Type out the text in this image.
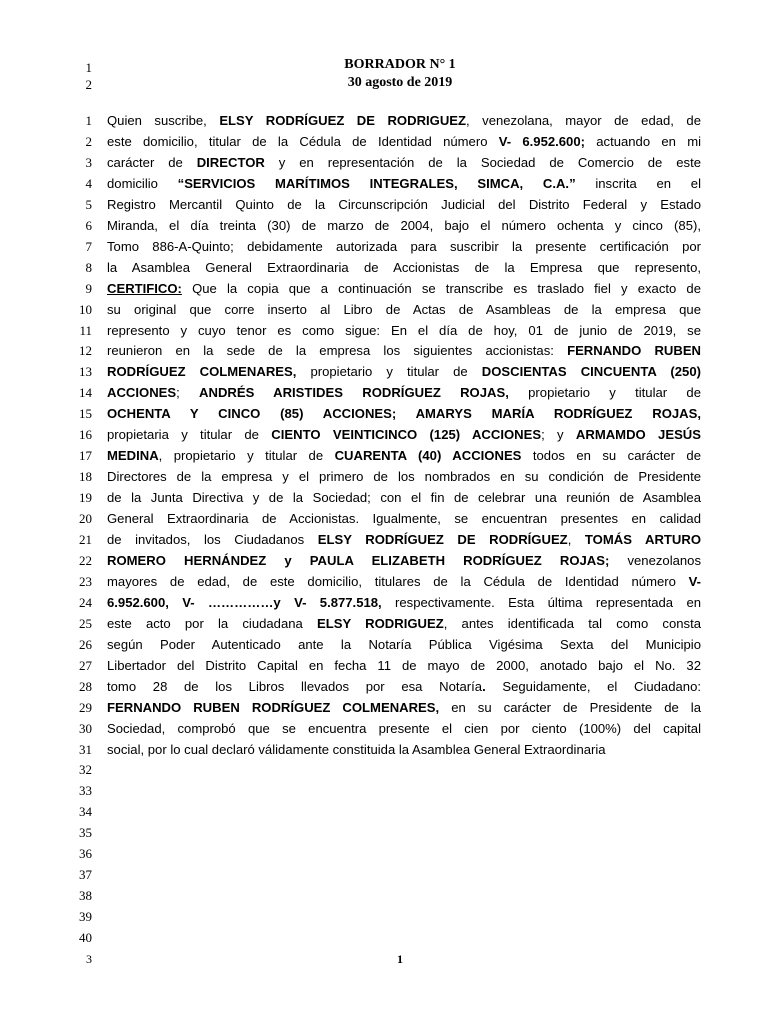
1
2
BORRADOR N° 1
30 agosto de 2019
1 Quien suscribe, ELSY RODRÍGUEZ DE RODRIGUEZ, venezolana, mayor de edad, de
2 este domicilio, titular de la Cédula de Identidad número V- 6.952.600; actuando en mi
3 carácter de DIRECTOR y en representación de la Sociedad de Comercio de este
4 domicilio “SERVICIOS MARÍTIMOS INTEGRALES, SIMCA, C.A.” inscrita en el
5 Registro Mercantil Quinto de la Circunscripción Judicial del Distrito Federal y Estado
6 Miranda, el día treinta (30) de marzo de 2004, bajo el número ochenta y cinco (85),
7 Tomo 886-A-Quinto; debidamente autorizada para suscribir la presente certificación por
8 la Asamblea General Extraordinaria de Accionistas de la Empresa que represento,
9 CERTIFICO: Que la copia que a continuación se transcribe es traslado fiel y exacto de
10 su original que corre inserto al Libro de Actas de Asambleas de la empresa que
11 represento y cuyo tenor es como sigue: En el día de hoy, 01 de junio de 2019, se
12 reunieron en la sede de la empresa los siguientes accionistas: FERNANDO RUBEN
13 RODRÍGUEZ COLMENARES, propietario y titular de DOSCIENTAS CINCUENTA (250)
14 ACCIONES; ANDRÉS ARISTIDES RODRÍGUEZ ROJAS, propietario y titular de
15 OCHENTA Y CINCO (85) ACCIONES; AMARYS MARÍA RODRÍGUEZ ROJAS,
16 propietaria y titular de CIENTO VEINTICINCO (125) ACCIONES; y ARMAMDO JESÚS
17 MEDINA, propietario y titular de CUARENTA (40) ACCIONES todos en su carácter de
18 Directores de la empresa y el primero de los nombrados en su condición de Presidente
19 de la Junta Directiva y de la Sociedad; con el fin de celebrar una reunión de Asamblea
20 General Extraordinaria de Accionistas. Igualmente, se encuentran presentes en calidad
21 de invitados, los Ciudadanos ELSY RODRÍGUEZ DE RODRÍGUEZ, TOMÁS ARTURO
22 ROMERO HERNÁNDEZ y PAULA ELIZABETH RODRÍGUEZ ROJAS; venezolanos
23 mayores de edad, de este domicilio, titulares de la Cédula de Identidad número V-
24 6.952.600, V- ……………y V- 5.877.518, respectivamente. Esta última representada en
25 este acto por la ciudadana ELSY RODRIGUEZ, antes identificada tal como consta
26 según Poder Autenticado ante la Notaría Pública Vigésima Sexta del Municipio
27 Libertador del Distrito Capital en fecha 11 de mayo de 2000, anotado bajo el No. 32
28 tomo 28 de los Libros llevados por esa Notaría. Seguidamente, el Ciudadano:
29 FERNANDO RUBEN RODRÍGUEZ COLMENARES, en su carácter de Presidente de la
30 Sociedad, comprobó que se encuentra presente el cien por ciento (100%) del capital
31 social, por lo cual declaró válidamente constituida la Asamblea General Extraordinaria
32
33
34
35
36
37
38
39
40
3	1
